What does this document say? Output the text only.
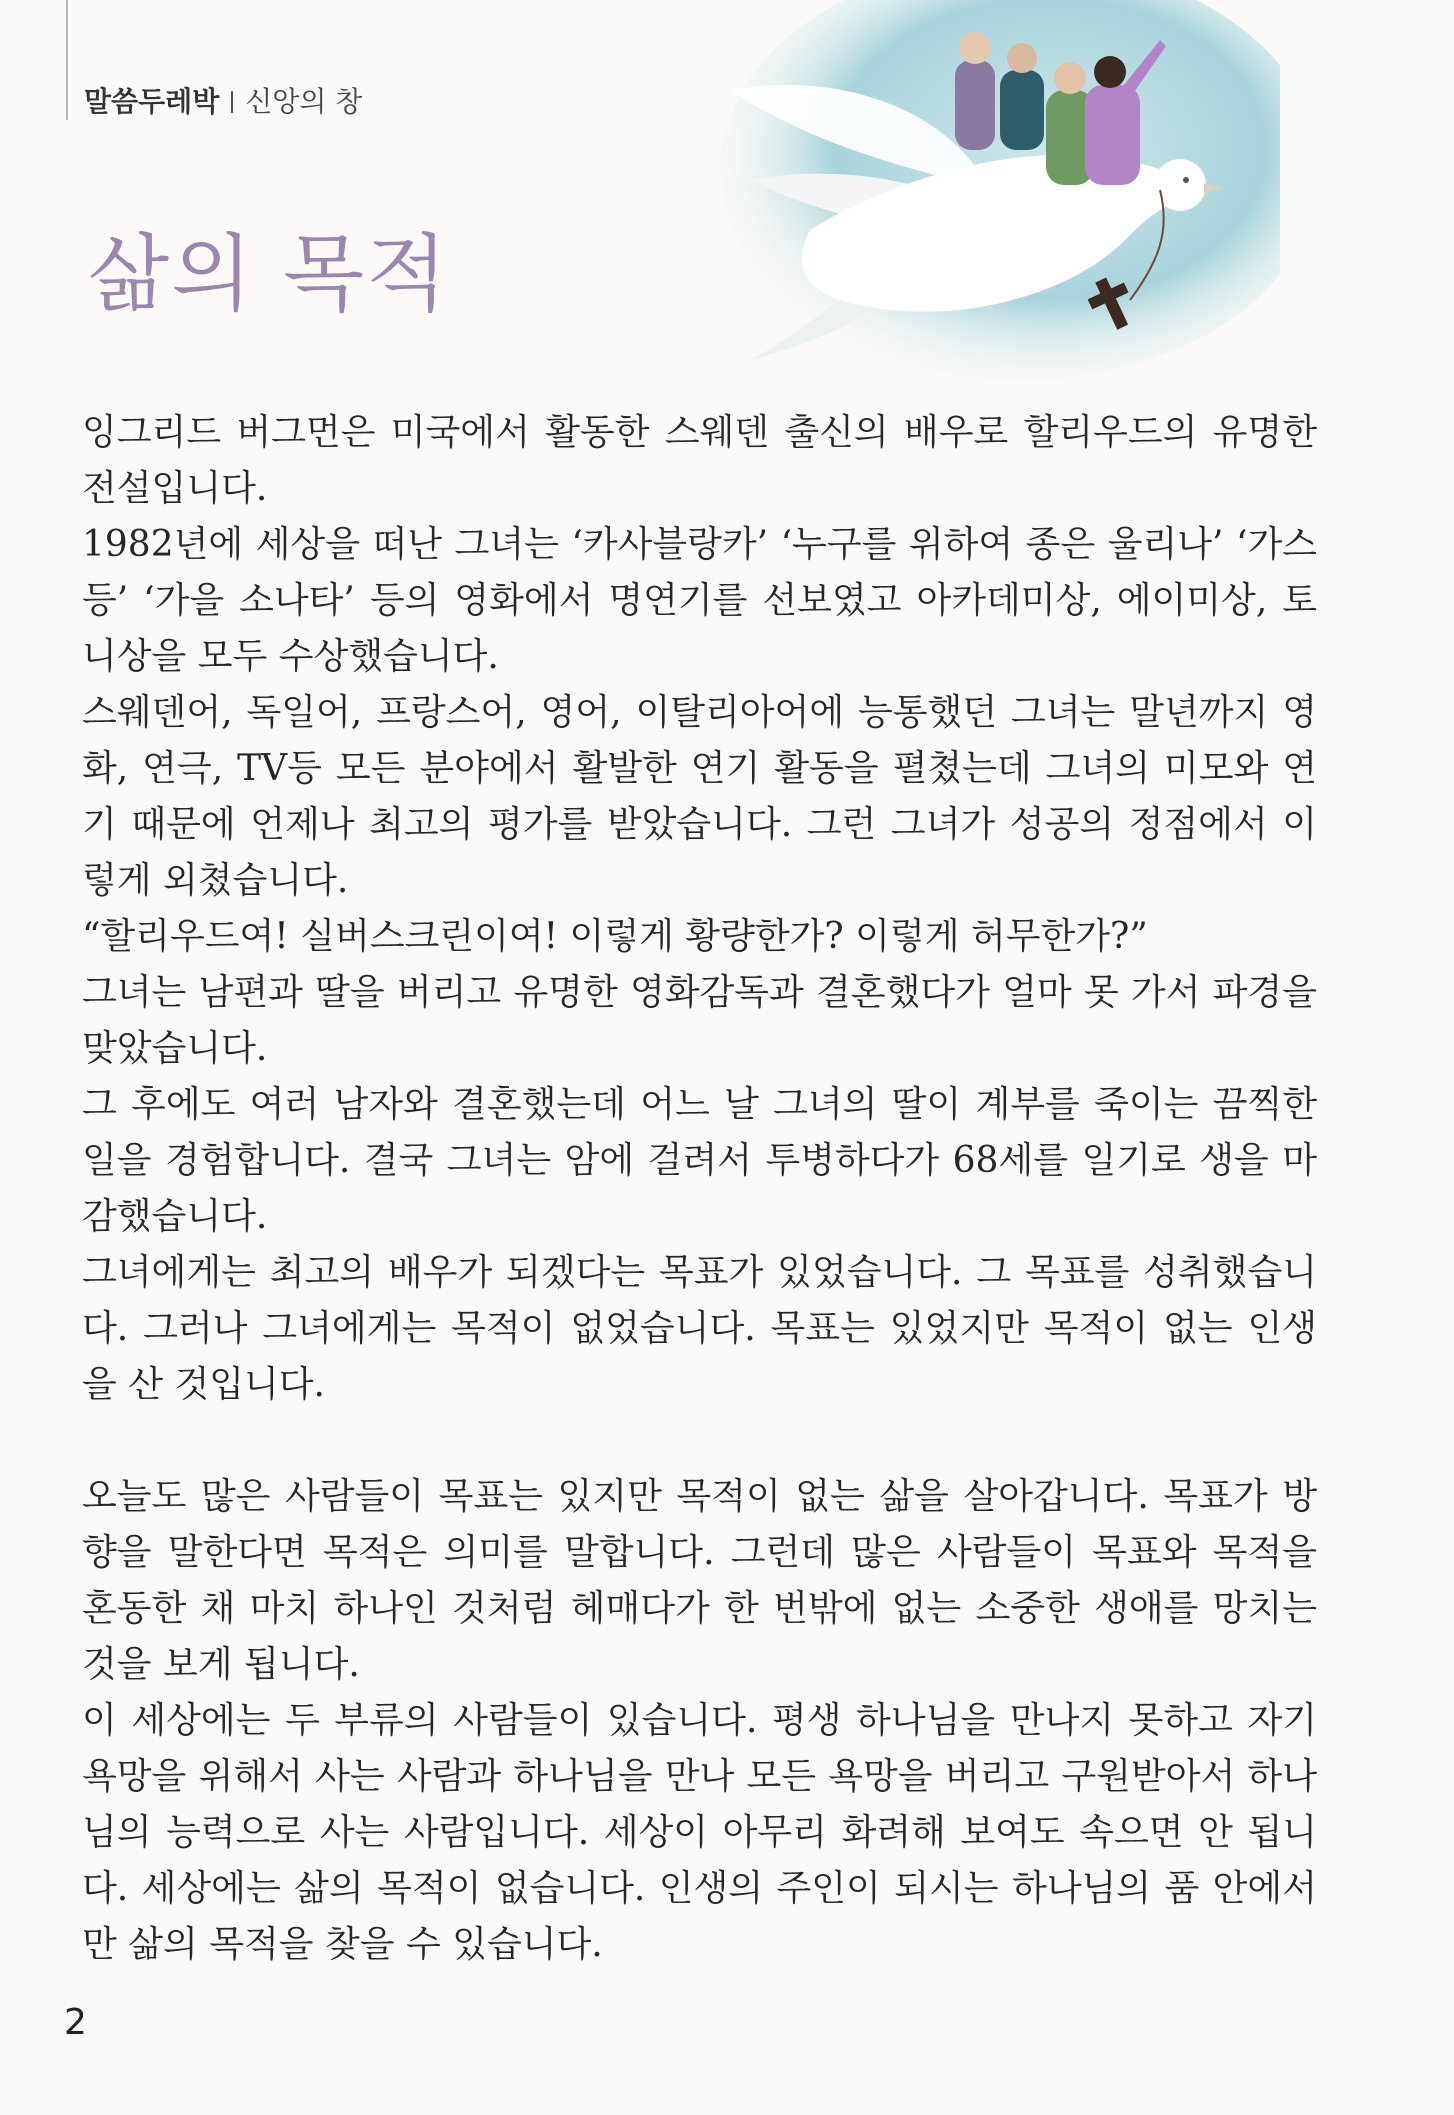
말씀두레박 신앙의 창
삶의 목적

잉그리드 버그먼은 미국에서 활동한 스웨덴 출신의 배우로 할리우드의 유명한 전설입니다.

1982년에 세상을 떠난 그녀는 ‘카사블랑카’ ‘누구를 위하여 종은 울리나’ ‘가스등’ ‘가을 소나타’ 등의 영화에서 명연기를 선보였고 아카데미상, 에이미상, 토니상을 모두 수상했습니다.

스웨덴어, 독일어, 프랑스어, 영어, 이탈리아어에 능통했던 그녀는 말년까지 영화, 연극, TV등 모든 분야에서 활발한 연기 활동을 펼쳤는데 그녀의 미모와 연기 때문에 언제나 최고의 평가를 받았습니다. 그런 그녀가 성공의 정점에서 이렇게 외쳤습니다.

“할리우드여! 실버스크린이여! 이렇게 황량한가? 이렇게 허무한가?”

그녀는 남편과 딸을 버리고 유명한 영화감독과 결혼했다가 얼마 못 가서 파경을 맞았습니다.

그 후에도 여러 남자와 결혼했는데 어느 날 그녀의 딸이 계부를 죽이는 끔찍한 일을 경험합니다. 결국 그녀는 암에 걸려서 투병하다가 68세를 일기로 생을 마감했습니다.

그녀에게는 최고의 배우가 되겠다는 목표가 있었습니다. 그 목표를 성취했습니다. 그러나 그녀에게는 목적이 없었습니다. 목표는 있었지만 목적이 없는 인생을 산 것입니다.

오늘도 많은 사람들이 목표는 있지만 목적이 없는 삶을 살아갑니다. 목표가 방향을 말한다면 목적은 의미를 말합니다. 그런데 많은 사람들이 목표와 목적을 혼동한 채 마치 하나인 것처럼 헤매다가 한 번밖에 없는 소중한 생애를 망치는 것을 보게 됩니다.

이 세상에는 두 부류의 사람들이 있습니다. 평생 하나님을 만나지 못하고 자기 욕망을 위해서 사는 사람과 하나님을 만나 모든 욕망을 버리고 구원받아서 하나님의 능력으로 사는 사람입니다. 세상이 아무리 화려해 보여도 속으면 안 됩니다. 세상에는 삶의 목적이 없습니다. 인생의 주인이 되시는 하나님의 품 안에서만 삶의 목적을 찾을 수 있습니다.

2
